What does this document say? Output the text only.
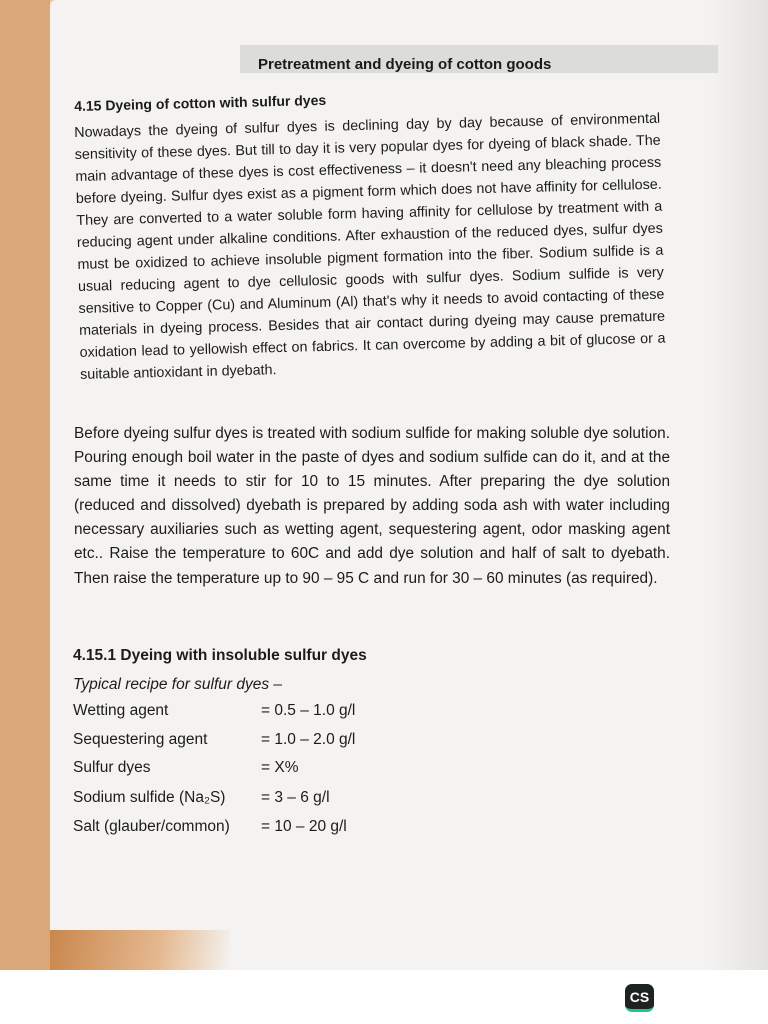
Pretreatment and dyeing of cotton goods
4.15 Dyeing of cotton with sulfur dyes

Nowadays the dyeing of sulfur dyes is declining day by day because of environmental sensitivity of these dyes. But till to day it is very popular dyes for dyeing of black shade. The main advantage of these dyes is cost effectiveness – it doesn't need any bleaching process before dyeing. Sulfur dyes exist as a pigment form which does not have affinity for cellulose. They are converted to a water soluble form having affinity for cellulose by treatment with a reducing agent under alkaline conditions. After exhaustion of the reduced dyes, sulfur dyes must be oxidized to achieve insoluble pigment formation into the fiber. Sodium sulfide is a usual reducing agent to dye cellulosic goods with sulfur dyes. Sodium sulfide is very sensitive to Copper (Cu) and Aluminum (Al) that's why it needs to avoid contacting of these materials in dyeing process. Besides that air contact during dyeing may cause premature oxidation lead to yellowish effect on fabrics. It can overcome by adding a bit of glucose or a suitable antioxidant in dyebath.

Before dyeing sulfur dyes is treated with sodium sulfide for making soluble dye solution. Pouring enough boil water in the paste of dyes and sodium sulfide can do it, and at the same time it needs to stir for 10 to 15 minutes. After preparing the dye solution (reduced and dissolved) dyebath is prepared by adding soda ash with water including necessary auxiliaries such as wetting agent, sequestering agent, odor masking agent etc.. Raise the temperature to 60C and add dye solution and half of salt to dyebath. Then raise the temperature up to 90 – 95 C and run for 30 – 60 minutes (as required).

4.15.1 Dyeing with insoluble sulfur dyes
Typical recipe for sulfur dyes –
Wetting agent	= 0.5 – 1.0 g/l
Sequestering agent	= 1.0 – 2.0 g/l
Sulfur dyes	= X%
Sodium sulfide (Na₂S) = 3 – 6 g/l
Salt (glauber/common) = 10 – 20 g/l
CS
